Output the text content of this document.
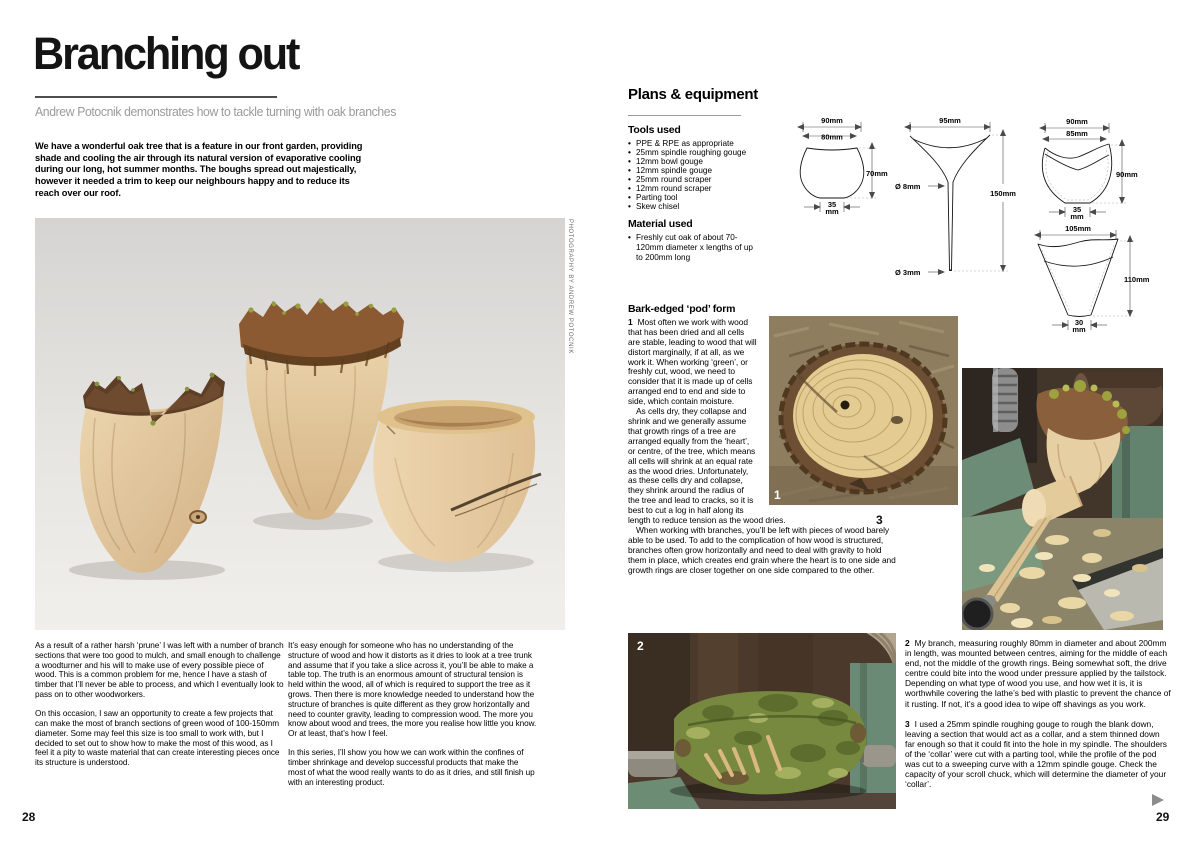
Branching out
Andrew Potocnik demonstrates how to tackle turning with oak branches
We have a wonderful oak tree that is a feature in our front garden, providing shade and cooling the air through its natural version of evaporative cooling during our long, hot summer months. The boughs spread out majestically, however it needed a trim to keep our neighbours happy and to reduce its reach over our roof.
PHOTOGRAPHY BY ANDREW POTOCNIK

As a result of a rather harsh ‘prune’ I was left with a number of branch sections that were too good to mulch, and small enough to challenge a woodturner and his will to make use of every possible piece of wood. This is a common problem for me, hence I have a stash of timber that I’ll never be able to process, and which I eventually look to pass on to other woodworkers.

On this occasion, I saw an opportunity to create a few projects that can make the most of branch sections of green wood of 100-150mm diameter. Some may feel this size is too small to work with, but I decided to set out to show how to make the most of this wood, as I feel it a pity to waste material that can create interesting pieces once its structure is understood.

It’s easy enough for someone who has no understanding of the structure of wood and how it distorts as it dries to look at a tree trunk and assume that if you take a slice across it, you’ll be able to make a table top. The truth is an enormous amount of structural tension is held within the wood, all of which is required to support the tree as it grows. Then there is more knowledge needed to understand how the structure of branches is quite different as they grow horizontally and need to counter gravity, leading to compression wood. The more you know about wood and trees, the more you realise how little you know. Or at least, that’s how I feel.

In this series, I’ll show you how we can work within the confines of timber shrinkage and develop successful products that make the most of what the wood really wants to do as it dries, and still finish up with an interesting product.

28
Plans & equipment
Tools used
• PPE & RPE as appropriate
• 25mm spindle roughing gouge
• 12mm bowl gouge
• 12mm spindle gouge
• 25mm round scraper
• 12mm round scraper
• Parting tool
• Skew chisel
Material used
• Freshly cut oak of about 70-120mm diameter x lengths of up to 200mm long
90mm
80mm
70mm
35
mm
95mm
Ø 8mm
Ø 3mm
150mm
90mm
85mm
90mm
35
mm
105mm
110mm
30
mm
Bark-edged ‘pod’ form

1 Most often we work with wood that has been dried and all cells are stable, leading to wood that will distort marginally, if at all, as we work it. When working ‘green’, or freshly cut, wood, we need to consider that it is made up of cells arranged end to end and side to side, which contain moisture.

As cells dry, they collapse and shrink and we generally assume that growth rings of a tree are arranged equally from the ‘heart’, or centre, of the tree, which means all cells will shrink at an equal rate as the wood dries. Unfortunately, as these cells dry and collapse, they shrink around the radius of the tree and lead to cracks, so it is best to cut a log in half along its length to reduce tension as the wood dries.

When working with branches, you’ll be left with pieces of wood barely able to be used. To add to the complication of how wood is structured, branches often grow horizontally and need to deal with gravity to hold them in place, which creates end grain where the heart is to one side and growth rings are closer together on one side compared to the other.

1
3
2	2 My branch, measuring roughly 80mm in diameter and about 200mm in length, was mounted between centres, aiming for the middle of each end, not the middle of the growth rings. Being somewhat soft, the drive centre could bite into the wood under pressure applied by the tailstock. Depending on what type of wood you use, and how wet it is, it is worthwhile covering the lathe’s bed with plastic to prevent the chance of it rusting. If not, it’s a good idea to wipe off shavings as you work.

3 I used a 25mm spindle roughing gouge to rough the blank down, leaving a section that would act as a collar, and a stem thinned down far enough so that it could fit into the hole in my spindle. The shoulders of the ‘collar’ were cut with a parting tool, while the profile of the pod was cut to a sweeping curve with a 12mm spindle gouge. Check the capacity of your scroll chuck, which will determine the diameter of your ‘collar’.

29
